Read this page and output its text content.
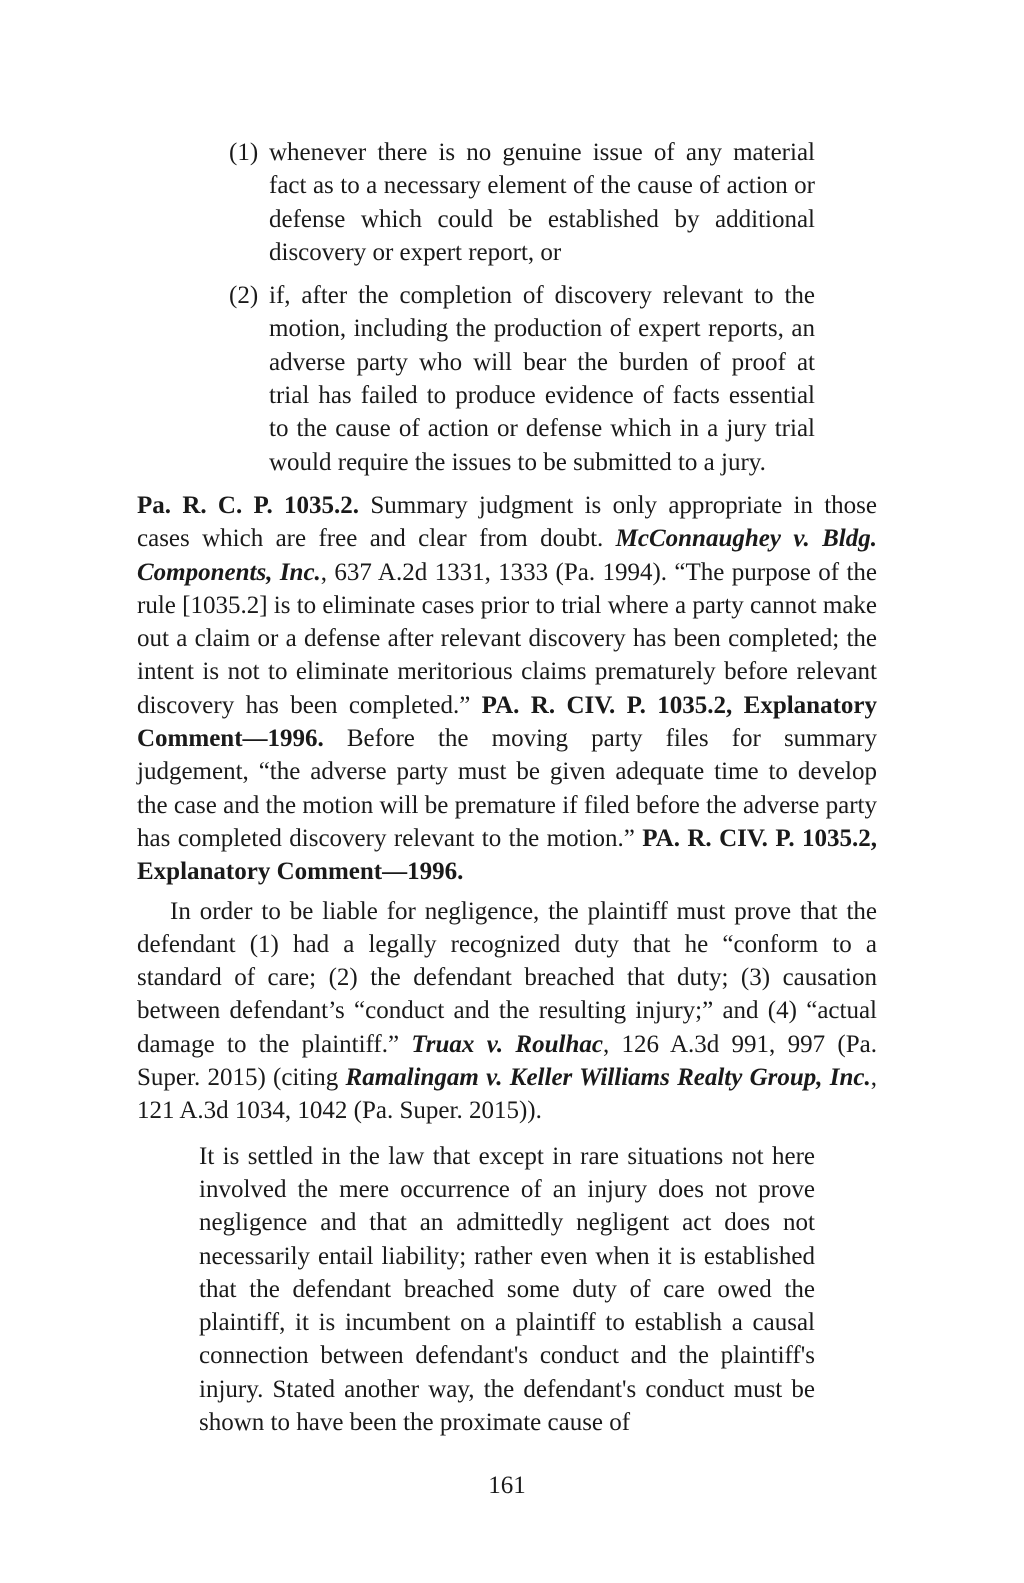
(1) whenever there is no genuine issue of any material fact as to a necessary element of the cause of action or defense which could be established by additional discovery or expert report, or
(2) if, after the completion of discovery relevant to the motion, including the production of expert reports, an adverse party who will bear the burden of proof at trial has failed to produce evidence of facts essential to the cause of action or defense which in a jury trial would require the issues to be submitted to a jury.

Pa. R. C. P. 1035.2. Summary judgment is only appropriate in those cases which are free and clear from doubt. McConnaughey v. Bldg. Components, Inc., 637 A.2d 1331, 1333 (Pa. 1994). “The purpose of the rule [1035.2] is to eliminate cases prior to trial where a party cannot make out a claim or a defense after relevant discovery has been completed; the intent is not to eliminate meritorious claims prematurely before relevant discovery has been completed.” PA. R. CIV. P. 1035.2, Explanatory Comment—1996. Before the moving party files for summary judgement, “the adverse party must be given adequate time to develop the case and the motion will be premature if filed before the adverse party has completed discovery relevant to the motion.” PA. R. CIV. P. 1035.2, Explanatory Comment—1996.

In order to be liable for negligence, the plaintiff must prove that the defendant (1) had a legally recognized duty that he “conform to a standard of care; (2) the defendant breached that duty; (3) causation between defendant’s “conduct and the resulting injury;” and (4) “actual damage to the plaintiff.” Truax v. Roulhac, 126 A.3d 991, 997 (Pa. Super. 2015) (citing Ramalingam v. Keller Williams Realty Group, Inc., 121 A.3d 1034, 1042 (Pa. Super. 2015)).

It is settled in the law that except in rare situations not here involved the mere occurrence of an injury does not prove negligence and that an admittedly negligent act does not necessarily entail liability; rather even when it is established that the defendant breached some duty of care owed the plaintiff, it is incumbent on a plaintiff to establish a causal connection between defendant's conduct and the plaintiff's injury. Stated another way, the defendant's conduct must be shown to have been the proximate cause of

161
